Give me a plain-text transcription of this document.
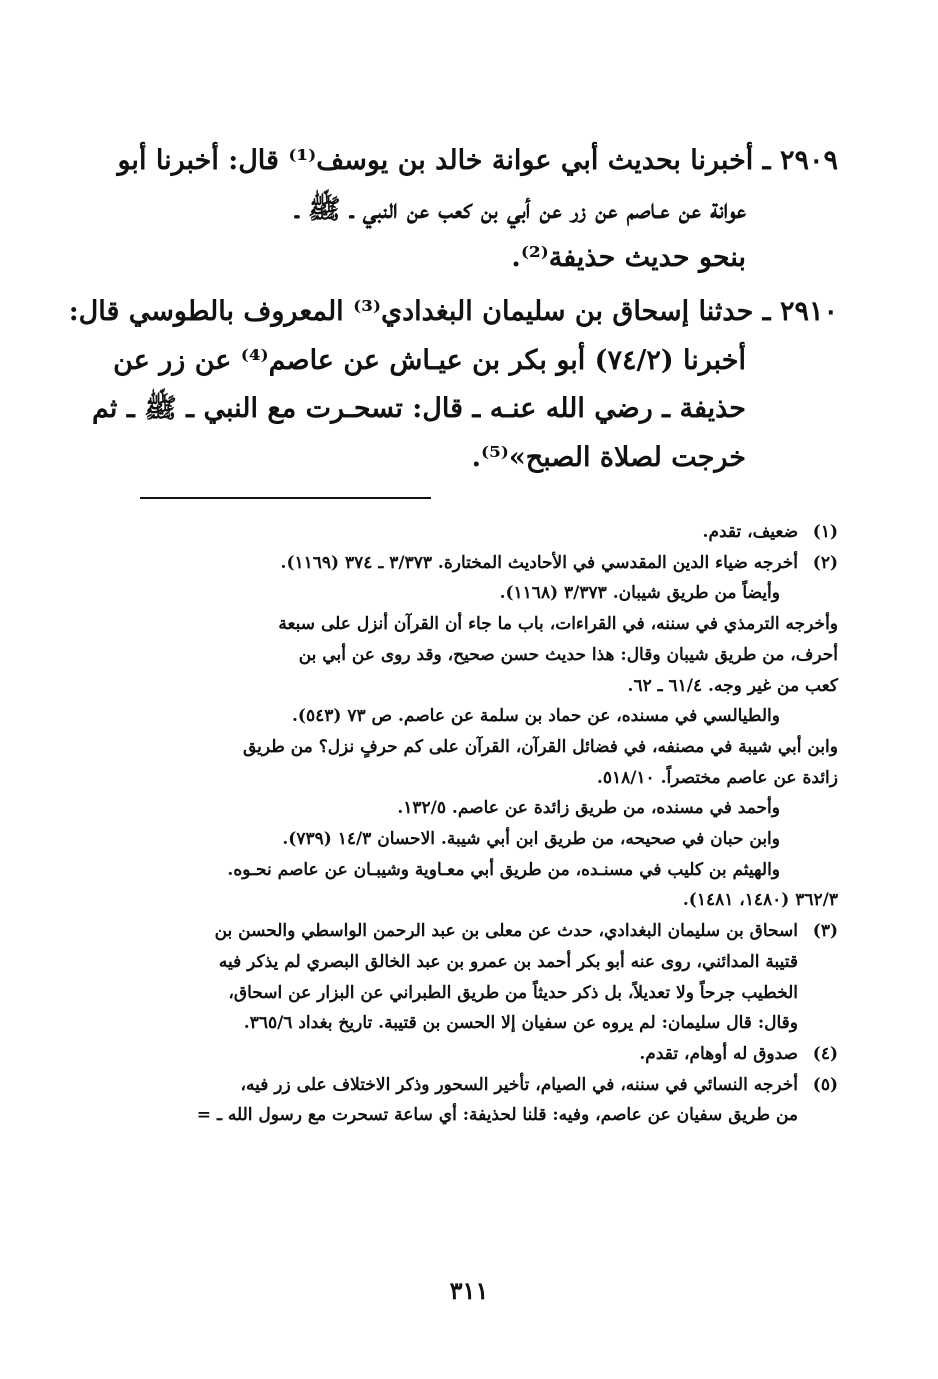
٢٩٠٩ ـ أخبرنا بحديث أبي عوانة خالد بن يوسف⁽¹⁾ قال: أخبرنا أبو
عوانة عن عـاصم عن زر عن أبي بن كعب عن النبي ـ ﷺ ـ
بنحو حديث حذيفة⁽²⁾.
٢٩١٠ ـ حدثنا إسحاق بن سليمان البغدادي⁽³⁾ المعروف بالطوسي قال:
أخبرنا (٧٤/٢) أبو بكر بن عيـاش عن عاصم⁽⁴⁾ عن زر عن
حذيفة ـ رضي الله عنـه ـ قال: تسحـرت مع النبي ـ ﷺ ـ ثم
خرجت لصلاة الصبح»⁽⁵⁾.
(١)
ضعيف، تقدم.
(٢)
أخرجه ضياء الدين المقدسي في الأحاديث المختارة. ٣/٣٧٣ ـ ٣٧٤ (١١٦٩).
وأيضاً من طريق شيبان. ٣/٣٧٣ (١١٦٨).
وأخرجه الترمذي في سننه، في القراءات، باب ما جاء أن القرآن أنزل على سبعة
أحرف، من طريق شيبان وقال: هذا حديث حسن صحيح، وقد روى عن أبي بن
كعب من غير وجه. ٦١/٤ ـ ٦٢.
والطيالسي في مسنده، عن حماد بن سلمة عن عاصم. ص ٧٣ (٥٤٣).
وابن أبي شيبة في مصنفه، في فضائل القرآن، القرآن على كم حرفٍ نزل؟ من طريق
زائدة عن عاصم مختصراً. ٥١٨/١٠.
وأحمد في مسنده، من طريق زائدة عن عاصم. ١٣٢/٥.
وابن حبان في صحيحه، من طريق ابن أبي شيبة. الاحسان ١٤/٣ (٧٣٩).
والهيثم بن كليب في مسنـده، من طريق أبي معـاوية وشيبـان عن عاصم نحـوه.
٣٦٢/٣ (١٤٨٠، ١٤٨١).
(٣)
اسحاق بن سليمان البغدادي، حدث عن معلى بن عبد الرحمن الواسطي والحسن بن
قتيبة المدائني، روى عنه أبو بكر أحمد بن عمرو بن عبد الخالق البصري لم يذكر فيه
الخطيب جرحاً ولا تعديلاً، بل ذكر حديثاً من طريق الطبراني عن البزار عن اسحاق،
وقال: قال سليمان: لم يروه عن سفيان إلا الحسن بن قتيبة. تاريخ بغداد ٣٦٥/٦.
(٤)
صدوق له أوهام، تقدم.
(٥)
أخرجه النسائي في سننه، في الصيام، تأخير السحور وذكر الاختلاف على زر فيه،
من طريق سفيان عن عاصم، وفيه: قلنا لحذيفة: أي ساعة تسحرت مع رسول الله ـ =
٣١١
